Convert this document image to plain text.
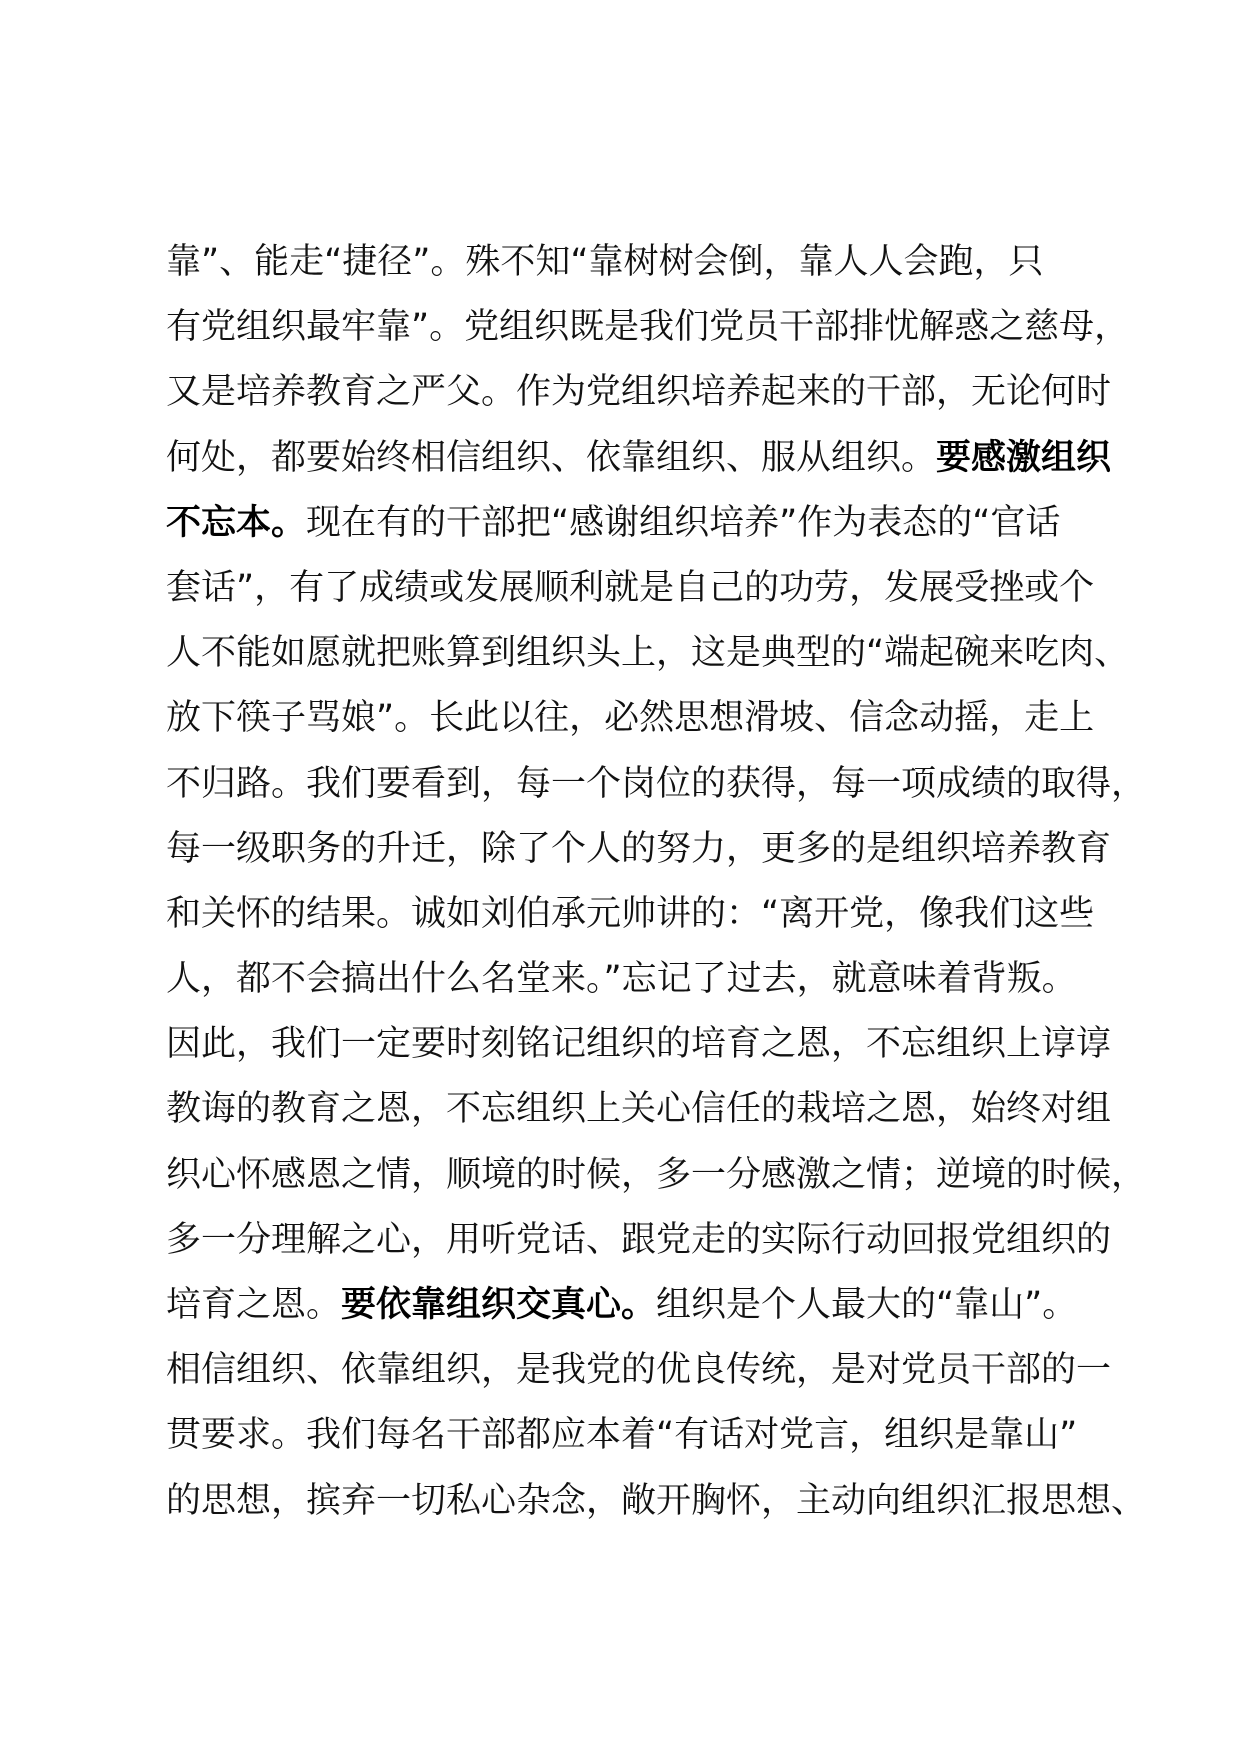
靠”、能走“捷径”。殊不知“靠树树会倒，靠人人会跑，只
有党组织最牢靠”。党组织既是我们党员干部排忧解惑之慈母，
又是培养教育之严父。作为党组织培养起来的干部，无论何时
何处，都要始终相信组织、依靠组织、服从组织。要感激组织
不忘本。现在有的干部把“感谢组织培养”作为表态的“官话
套话”，有了成绩或发展顺利就是自己的功劳，发展受挫或个
人不能如愿就把账算到组织头上，这是典型的“端起碗来吃肉、
放下筷子骂娘”。长此以往，必然思想滑坡、信念动摇，走上
不归路。我们要看到，每一个岗位的获得，每一项成绩的取得，
每一级职务的升迁，除了个人的努力，更多的是组织培养教育
和关怀的结果。诚如刘伯承元帅讲的：“离开党，像我们这些
人，都不会搞出什么名堂来。”忘记了过去，就意味着背叛。
因此，我们一定要时刻铭记组织的培育之恩，不忘组织上谆谆
教诲的教育之恩，不忘组织上关心信任的栽培之恩，始终对组
织心怀感恩之情，顺境的时候，多一分感激之情；逆境的时候，
多一分理解之心，用听党话、跟党走的实际行动回报党组织的
培育之恩。要依靠组织交真心。组织是个人最大的“靠山”。
相信组织、依靠组织，是我党的优良传统，是对党员干部的一
贯要求。我们每名干部都应本着“有话对党言，组织是靠山”
的思想，摈弃一切私心杂念，敞开胸怀，主动向组织汇报思想、
